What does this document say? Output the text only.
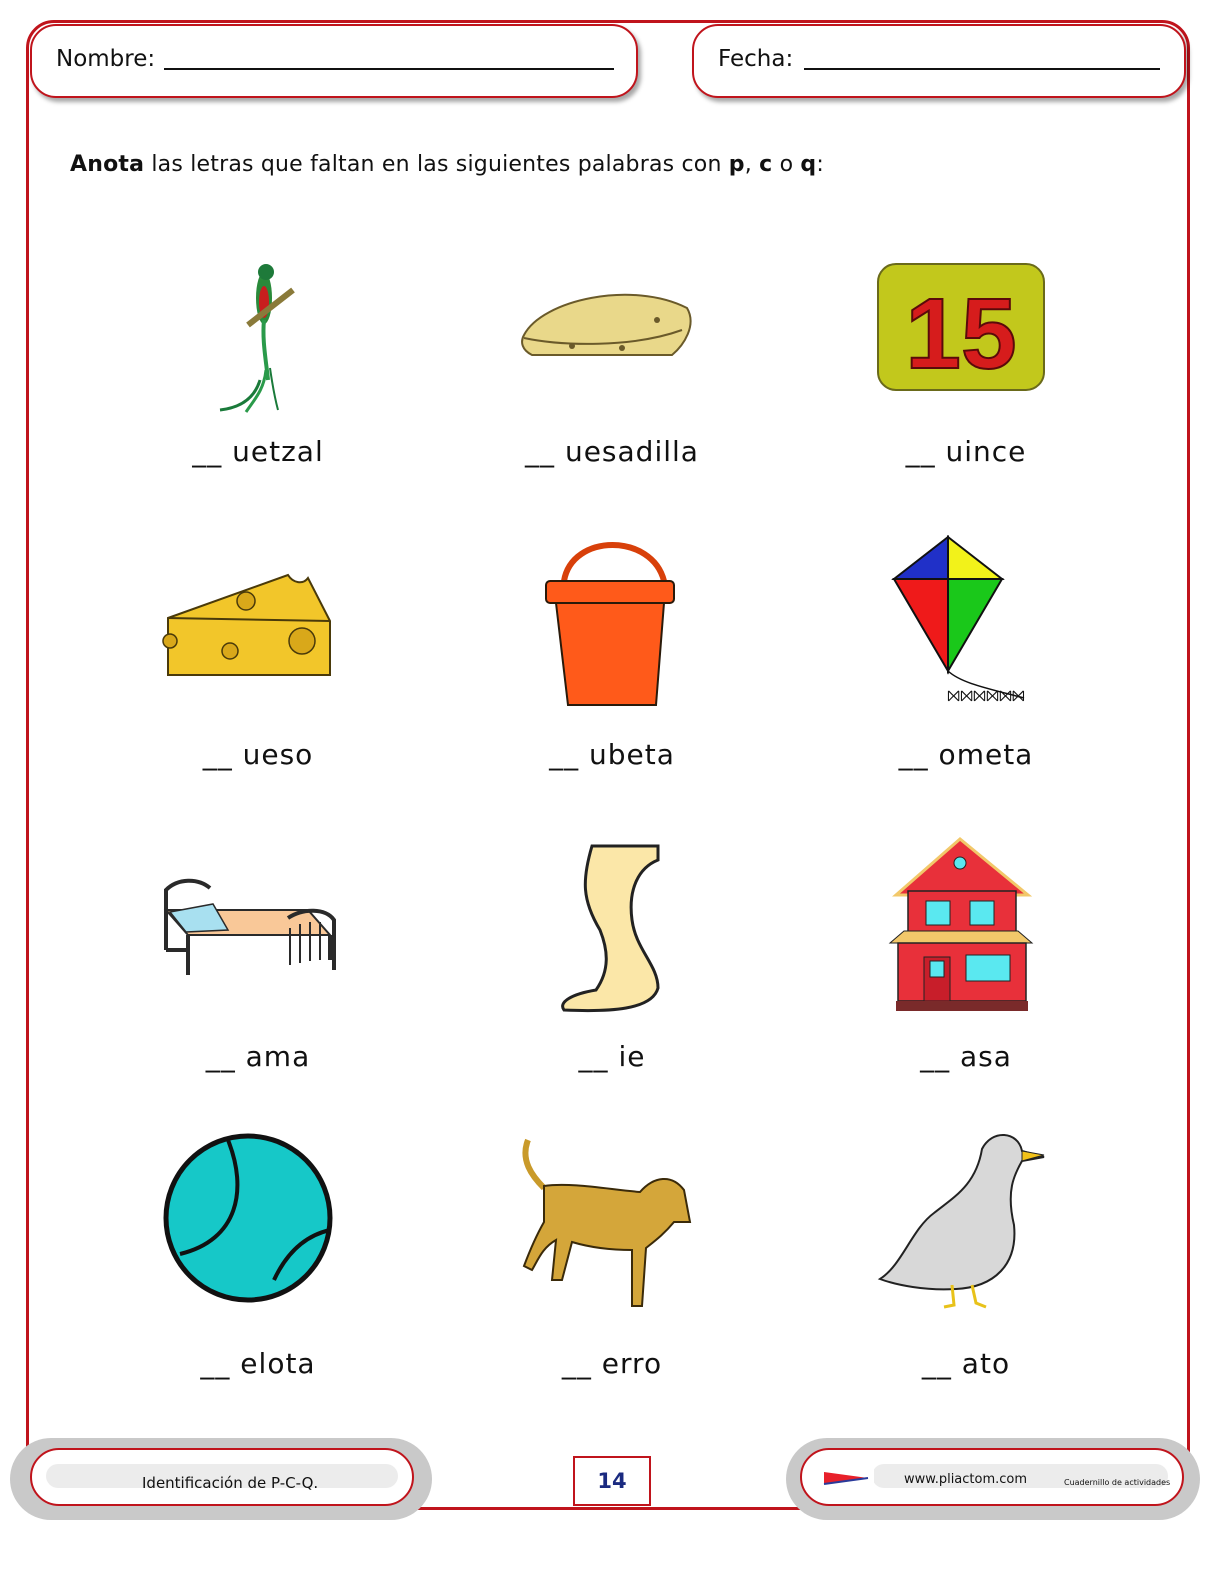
Nombre:	Fecha:
Anota las letras que faltan en las siguientes palabras con p, c o q:
__ uetzal	__ uesadilla
15
__ uince
__ ueso	__ ubeta
⨝⨝⨝⨝⨝⨝
__ ometa
__ ama	__ ie	__ asa
__ elota	__ erro	__ ato
Identificación de P-C-Q.	14	www.pliactom.com	Cuadernillo de actividades
